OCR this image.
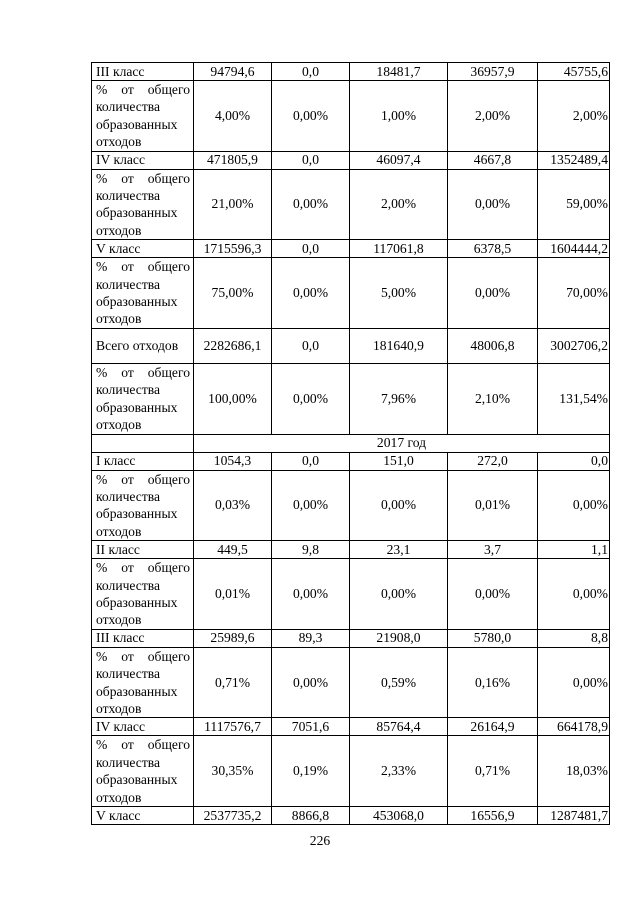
III класс	94794,6	0,0	18481,7	36957,9	45755,6
% от общего количества образованных отходов	4,00%	0,00%	1,00%	2,00%	2,00%
IV класс	471805,9	0,0	46097,4	4667,8	1352489,4
% от общего количества образованных отходов	21,00%	0,00%	2,00%	0,00%	59,00%
V класс	1715596,3	0,0	117061,8	6378,5	1604444,2
% от общего количества образованных отходов	75,00%	0,00%	5,00%	0,00%	70,00%
Всего отходов	2282686,1	0,0	181640,9	48006,8	3002706,2
% от общего количества образованных отходов	100,00%	0,00%	7,96%	2,10%	131,54%
	2017 год				
I класс	1054,3	0,0	151,0	272,0	0,0
% от общего количества образованных отходов	0,03%	0,00%	0,00%	0,01%	0,00%
II класс	449,5	9,8	23,1	3,7	1,1
% от общего количества образованных отходов	0,01%	0,00%	0,00%	0,00%	0,00%
III класс	25989,6	89,3	21908,0	5780,0	8,8
% от общего количества образованных отходов	0,71%	0,00%	0,59%	0,16%	0,00%
IV класс	1117576,7	7051,6	85764,4	26164,9	664178,9
% от общего количества образованных отходов	30,35%	0,19%	2,33%	0,71%	18,03%
V класс	2537735,2	8866,8	453068,0	16556,9	1287481,7
226
